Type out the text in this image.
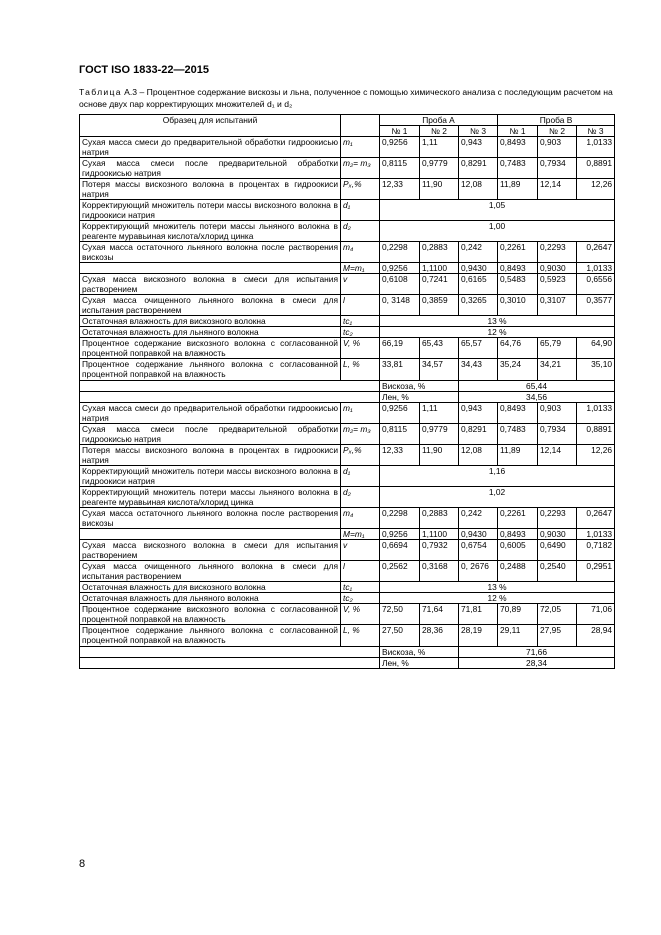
ГОСТ ISO 1833-22—2015
Таблица А.3 – Процентное содержание вискозы и льна, полученное с помощью химического анализа с последующим расчетом на основе двух пар корректирующих множителей d₁ и d₂
Образец для испытаний		Проба А			Проба В		
		№ 1	№ 2	№ 3	№ 1	№ 2	№ 3
Сухая масса смеси до предварительной обработки гидроокисью натрия	m₁	0,9256	1,11	0,943	0,8493	0,903	1,0133
Сухая масса смеси после предварительной обработки гидроокисью натрия	m₂= m₃	0,8115	0,9779	0,8291	0,7483	0,7934	0,8891
Потеря массы вискозного волокна в процентах в гидроокиси натрия	Pₓ,%	12,33	11,90	12,08	11,89	12,14	12,26
Корректирующий множитель потери массы вискозного волокна в гидроокиси натрия	d₁	1,05					
Корректирующий множитель потери массы льняного волокна в реагенте муравьиная кислота/хлорид цинка	d₂	1,00					
Сухая масса остаточного льняного волокна после растворения вискозы	m₄	0,2298	0,2883	0,242	0,2261	0,2293	0,2647
	M=m₁	0,9256	1,1100	0,9430	0,8493	0,9030	1,0133
Сухая масса вискозного волокна в смеси для испытания растворением	v	0,6108	0,7241	0,6165	0,5483	0,5923	0,6556
Сухая масса очищенного льняного волокна в смеси для испытания растворением	l	0, 3148	0,3859	0,3265	0,3010	0,3107	0,3577
Остаточная влажность для вискозного волокна	tc₁	13 %					
Остаточная влажность для льняного волокна	tc₂	12 %					
Процентное содержание вискозного волокна с согласованной процентной поправкой на влажность	V, %	66,19	65,43	65,57	64,76	65,79	64,90
Процентное содержание льняного волокна с согласованной процентной поправкой на влажность	L, %	33,81	34,57	34,43	35,24	34,21	35,10
		Вискоза, %		65,44			
		Лен, %		34,56			
Сухая масса смеси до предварительной обработки гидроокисью натрия	m₁	0,9256	1,11	0,943	0,8493	0,903	1,0133
Сухая масса смеси после предварительной обработки гидроокисью натрия	m₂= m₃	0,8115	0,9779	0,8291	0,7483	0,7934	0,8891
Потеря массы вискозного волокна в процентах в гидроокиси натрия	Pₓ,%	12,33	11,90	12,08	11,89	12,14	12,26
Корректирующий множитель потери массы вискозного волокна в гидроокиси натрия	d₁	1,16					
Корректирующий множитель потери массы льняного волокна в реагенте муравьиная кислота/хлорид цинка	d₂	1,02					
Сухая масса остаточного льняного волокна после растворения вискозы	m₄	0,2298	0,2883	0,242	0,2261	0,2293	0,2647
	M=m₁	0,9256	1,1100	0,9430	0,8493	0,9030	1,0133
Сухая масса вискозного волокна в смеси для испытания растворением	v	0,6694	0,7932	0,6754	0,6005	0,6490	0,7182
Сухая масса очищенного льняного волокна в смеси для испытания растворением	l	0,2562	0,3168	0, 2676	0,2488	0,2540	0,2951
Остаточная влажность для вискозного волокна	tc₁	13 %					
Остаточная влажность для льняного волокна	tc₂	12 %					
Процентное содержание вискозного волокна с согласованной процентной поправкой на влажность	V, %	72,50	71,64	71,81	70,89	72,05	71,06
Процентное содержание льняного волокна с согласованной процентной поправкой на влажность	L, %	27,50	28,36	28,19	29,11	27,95	28,94
		Вискоза, %		71,66			
		Лен, %		28,34			
8
